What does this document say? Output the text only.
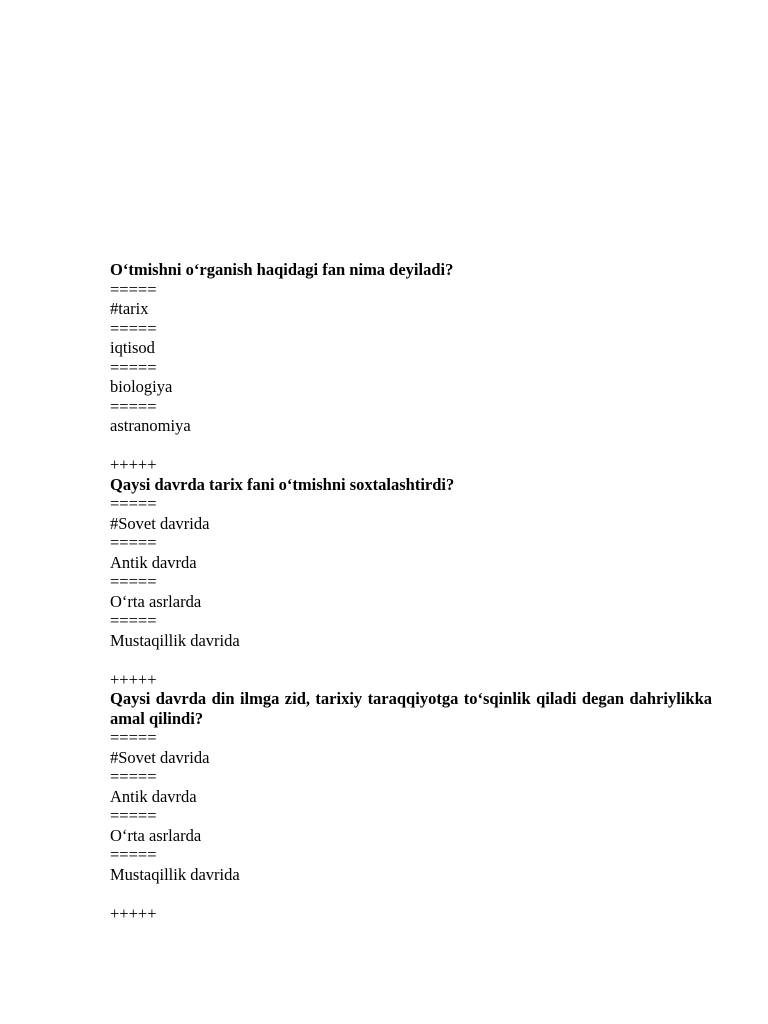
O‘tmishni o‘rganish haqidagi fan nima deyiladi?
=====
#tarix
=====
iqtisod
=====
biologiya
=====
astranomiya
+++++
Qaysi davrda tarix fani o‘tmishni soxtalashtirdi?
=====
#Sovet davrida
=====
Antik davrda
=====
O‘rta asrlarda
=====
Mustaqillik davrida
+++++
Qaysi davrda din ilmga zid, tarixiy taraqqiyotga to‘sqinlik qiladi degan dahriylikka amal qilindi?
=====
#Sovet davrida
=====
Antik davrda
=====
O‘rta asrlarda
=====
Mustaqillik davrida
+++++
